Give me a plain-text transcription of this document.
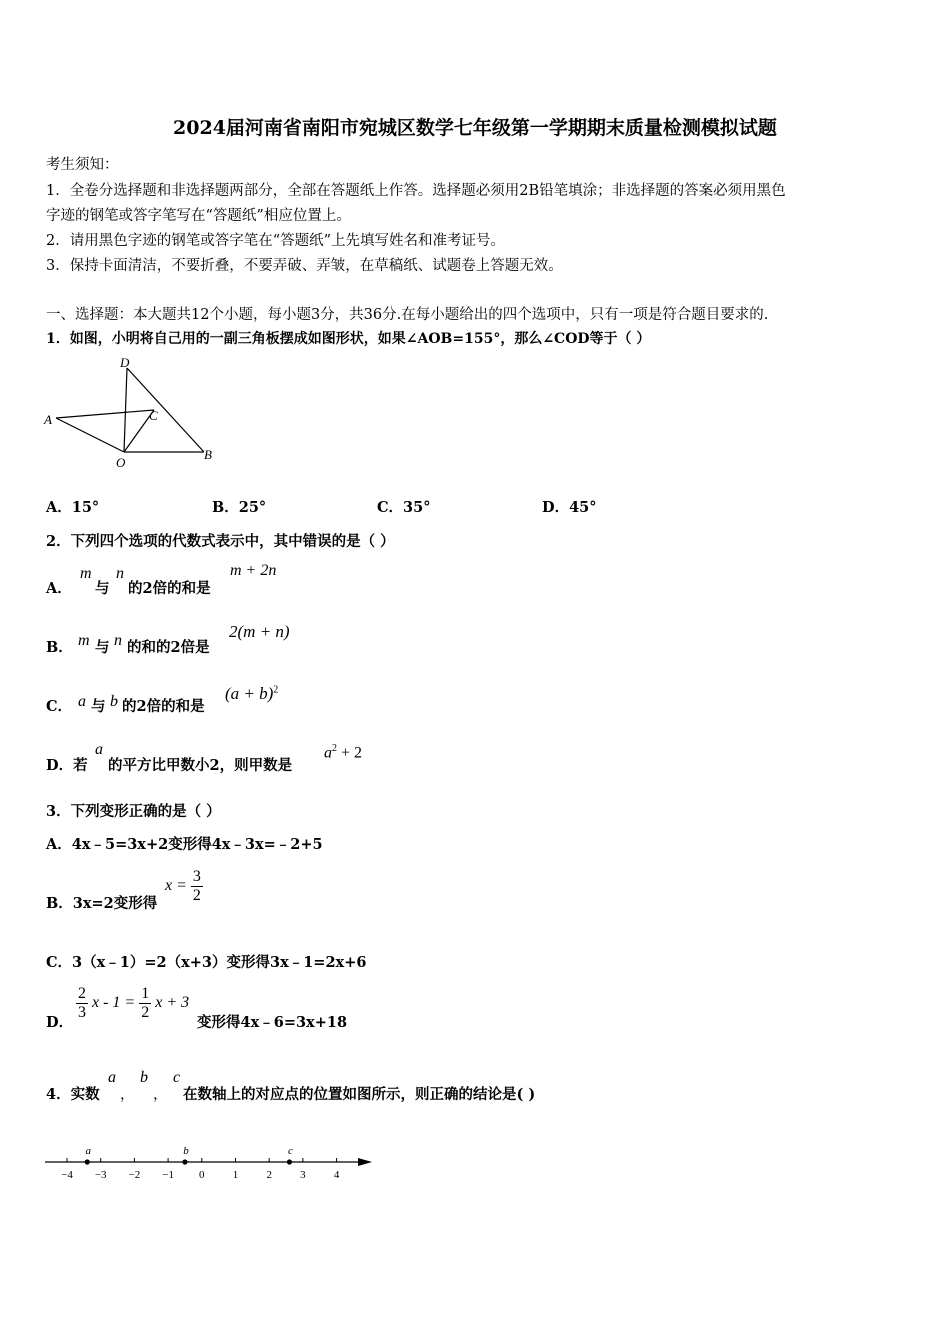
2024届河南省南阳市宛城区数学七年级第一学期期末质量检测模拟试题
考生须知：
1．全卷分选择题和非选择题两部分，全部在答题纸上作答。选择题必须用2B铅笔填涂；非选择题的答案必须用黑色
字迹的钢笔或答字笔写在“答题纸”相应位置上。
2．请用黑色字迹的钢笔或答字笔在“答题纸”上先填写姓名和准考证号。
3．保持卡面清洁，不要折叠，不要弄破、弄皱，在草稿纸、试题卷上答题无效。
一、选择题：本大题共12个小题，每小题3分，共36分.在每小题给出的四个选项中，只有一项是符合题目要求的.
1．如图，小明将自己用的一副三角板摆成如图形状，如果∠AOB=155°，那么∠COD等于（ ）
D
A	C
O
B
A．15°	B．25°	C．35°	D．45°
2．下列四个选项的代数式表示中，其中错误的是（ ）
A．
m
与
n
的2倍的和是
m + 2n
B． m 与 n 的和的2倍是
2(m + n)
C． a 与 b 的2倍的和是
$(a + b)^2$
D．若
a
的平方比甲数小2，则甲数是
$a^2 + 2$
3．下列变形正确的是（ ）
A．4x﹣5=3x+2变形得4x﹣3x=﹣2+5
B．3x=2变形得
$x = \frac{3}{2}$
C．3（x﹣1）=2（x+3）变形得3x﹣1=2x+6
D．
$\frac{2}{3}$ $x - 1 = \frac{1}{2}$ x + 3
变形得4x﹣6=3x+18
4．实数
a
，
b
，
c
在数轴上的对应点的位置如图所示，则正确的结论是( )
−4 −3 −2 −1 0	1	2	3	4
a	b	c
